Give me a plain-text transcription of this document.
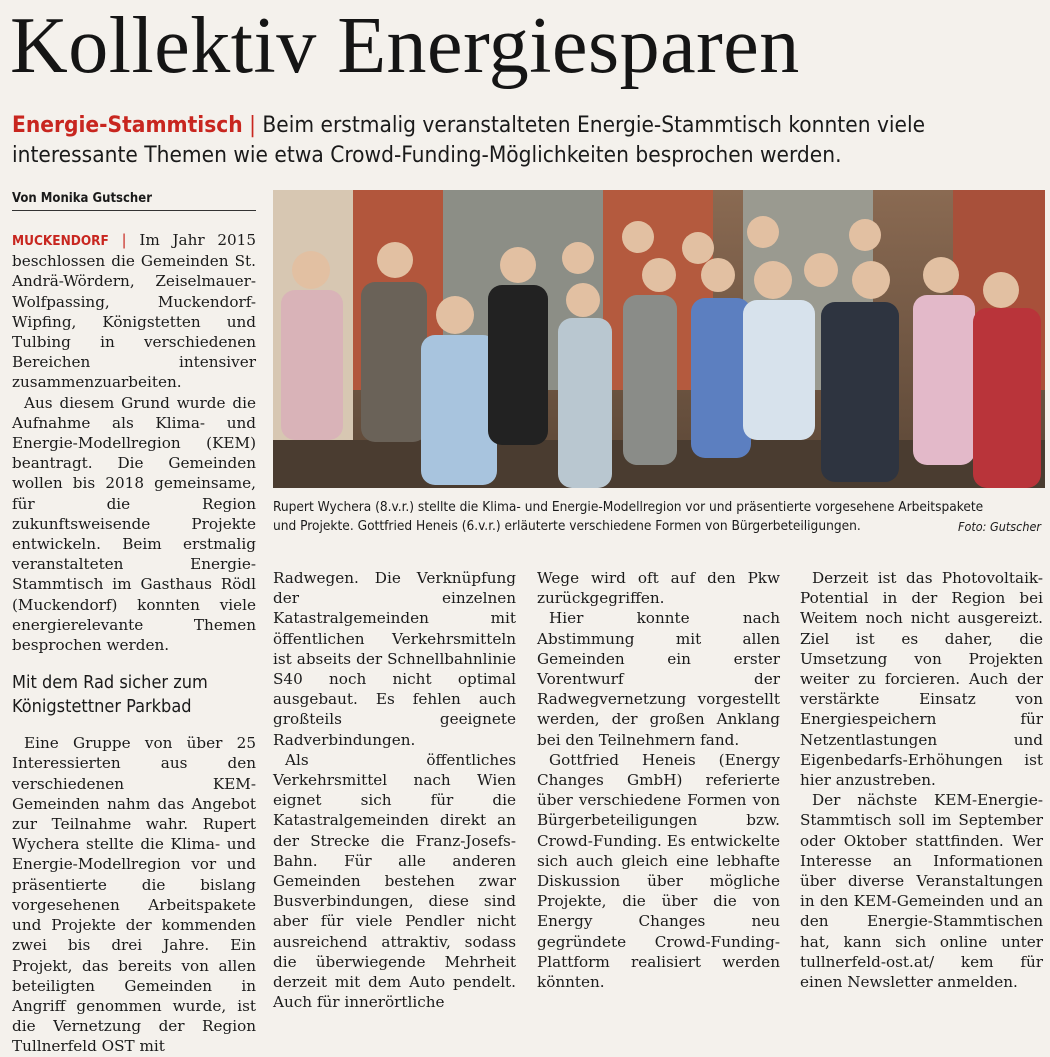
Kollektiv Energiesparen
Energie-Stammtisch | Beim erstmalig veranstalteten Energie-Stammtisch konnten viele
interessante Themen wie etwa Crowd-Funding-Möglichkeiten besprochen werden.
Von Monika Gutscher

MUCKENDORF | Im Jahr 2015 beschlossen die Gemeinden St. Andrä-Wördern, Zeiselmauer-Wolfpassing, Muckendorf-Wipfing, Königstetten und Tulbing in verschiedenen Bereichen intensiver zusammenzuarbeiten.

Aus diesem Grund wurde die Aufnahme als Klima- und Energie-Modellregion (KEM) beantragt. Die Gemeinden wollen bis 2018 gemeinsame, für die Region zukunftsweisende Projekte entwickeln. Beim erstmalig veranstalteten Energie-Stammtisch im Gasthaus Rödl (Muckendorf) konnten viele energierelevante Themen besprochen werden.

Mit dem Rad sicher zum Königstettner Parkbad

Eine Gruppe von über 25 Interessierten aus den verschiedenen KEM-Gemeinden nahm das Angebot zur Teilnahme wahr. Rupert Wychera stellte die Klima- und Energie-Modellregion vor und präsentierte die bislang vorgesehenen Arbeitspakete und Projekte der kommenden zwei bis drei Jahre. Ein Projekt, das bereits von allen beteiligten Gemeinden in Angriff genommen wurde, ist die Vernetzung der Region Tullnerfeld OST mit

Rupert Wychera (8.v.r.) stellte die Klima- und Energie-Modellregion vor und präsentierte vorgesehene Arbeitspakete
und Projekte. Gottfried Heneis (6.v.r.) erläuterte verschiedene Formen von Bürgerbeteiligungen.	Foto: Gutscher

Radwegen. Die Verknüpfung der einzelnen Katastralgemeinden mit öffentlichen Verkehrsmitteln ist abseits der Schnellbahnlinie S40 noch nicht optimal ausgebaut. Es fehlen auch großteils geeignete Radverbindungen.

Als öffentliches Verkehrsmittel nach Wien eignet sich für die Katastralgemeinden direkt an der Strecke die Franz-Josefs-Bahn. Für alle anderen Gemeinden bestehen zwar Busverbindungen, diese sind aber für viele Pendler nicht ausreichend attraktiv, sodass die überwiegende Mehrheit derzeit mit dem Auto pendelt. Auch für innerörtliche

Wege wird oft auf den Pkw zurückgegriffen.

Hier konnte nach Abstimmung mit allen Gemeinden ein erster Vorentwurf der Radwegvernetzung vorgestellt werden, der großen Anklang bei den Teilnehmern fand.

Gottfried Heneis (Energy Changes GmbH) referierte über verschiedene Formen von Bürgerbeteiligungen bzw. Crowd-Funding. Es entwickelte sich auch gleich eine lebhafte Diskussion über mögliche Projekte, die über die von Energy Changes neu gegründete Crowd-Funding-Plattform realisiert werden könnten.

Derzeit ist das Photovoltaik-Potential in der Region bei Weitem noch nicht ausgereizt. Ziel ist es daher, die Umsetzung von Projekten weiter zu forcieren. Auch der verstärkte Einsatz von Energiespeichern für Netzentlastungen und Eigenbedarfs-Erhöhungen ist hier anzustreben.

Der nächste KEM-Energie-Stammtisch soll im September oder Oktober stattfinden. Wer Interesse an Informationen über diverse Veranstaltungen in den KEM-Gemeinden und an den Energie-Stammtischen hat, kann sich online unter tullnerfeld-ost.at/ kem für einen Newsletter anmelden.
